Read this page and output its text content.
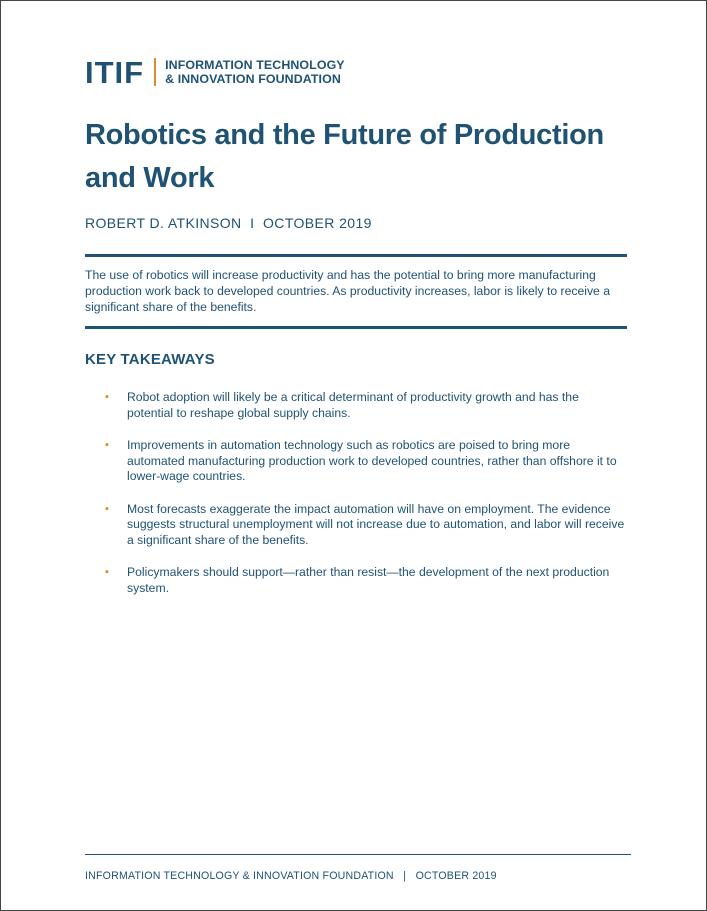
ITIF INFORMATION TECHNOLOGY
& INNOVATION FOUNDATION
Robotics and the Future of Production
and Work
ROBERT D. ATKINSON  I  OCTOBER 2019

The use of robotics will increase productivity and has the potential to bring more manufacturing production work back to developed countries. As productivity increases, labor is likely to receive a significant share of the benefits.

KEY TAKEAWAYS
▪	Robot adoption will likely be a critical determinant of productivity growth and has the potential to reshape global supply chains.
▪	Improvements in automation technology such as robotics are poised to bring more automated manufacturing production work to developed countries, rather than offshore it to lower-wage countries.
▪	Most forecasts exaggerate the impact automation will have on employment. The evidence suggests structural unemployment will not increase due to automation, and labor will receive a significant share of the benefits.
▪	Policymakers should support—rather than resist—the development of the next production system.
INFORMATION TECHNOLOGY & INNOVATION FOUNDATION   |   OCTOBER 2019
